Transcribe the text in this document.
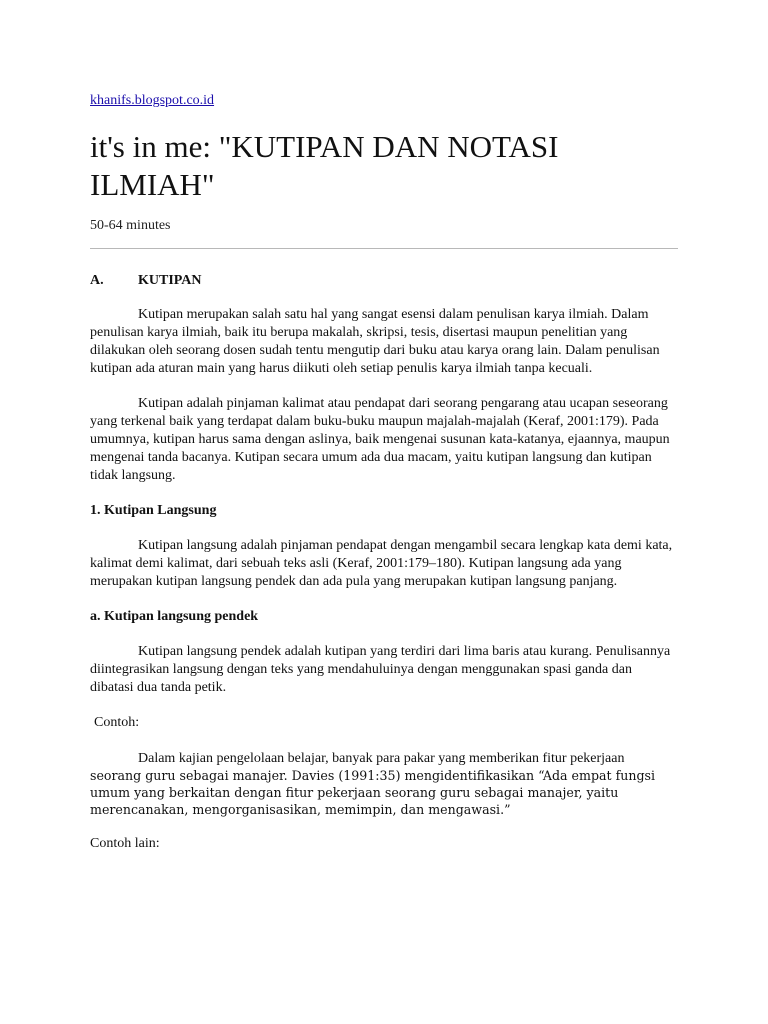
khanifs.blogspot.co.id
it's in me: "KUTIPAN DAN NOTASI ILMIAH"
50-64 minutes

A. KUTIPAN

Kutipan merupakan salah satu hal yang sangat esensi dalam penulisan karya ilmiah. Dalam penulisan karya ilmiah, baik itu berupa makalah, skripsi, tesis, disertasi maupun penelitian yang dilakukan oleh seorang dosen sudah tentu mengutip dari buku atau karya orang lain. Dalam penulisan kutipan ada aturan main yang harus diikuti oleh setiap penulis karya ilmiah tanpa kecuali.

Kutipan adalah pinjaman kalimat atau pendapat dari seorang pengarang atau ucapan seseorang yang terkenal baik yang terdapat dalam buku-buku maupun majalah-majalah (Keraf, 2001:179). Pada umumnya, kutipan harus sama dengan aslinya, baik mengenai susunan kata-katanya, ejaannya, maupun mengenai tanda bacanya. Kutipan secara umum ada dua macam, yaitu kutipan langsung dan kutipan tidak langsung.

1. Kutipan Langsung

Kutipan langsung adalah pinjaman pendapat dengan mengambil secara lengkap kata demi kata, kalimat demi kalimat, dari sebuah teks asli (Keraf, 2001:179‒180). Kutipan langsung ada yang merupakan kutipan langsung pendek dan ada pula yang merupakan kutipan langsung panjang.

a. Kutipan langsung pendek

Kutipan langsung pendek adalah kutipan yang terdiri dari lima baris atau kurang. Penulisannya diintegrasikan langsung dengan teks yang mendahuluinya dengan menggunakan spasi ganda dan dibatasi dua tanda petik.

Contoh:

Dalam kajian pengelolaan belajar, banyak para pakar yang memberikan fitur pekerjaan seorang guru sebagai manajer. Davies (1991:35) mengidentifikasikan “Ada empat fungsi umum yang berkaitan dengan fitur pekerjaan seorang guru sebagai manajer, yaitu merencanakan, mengorganisasikan, memimpin, dan mengawasi.”

Contoh lain:
